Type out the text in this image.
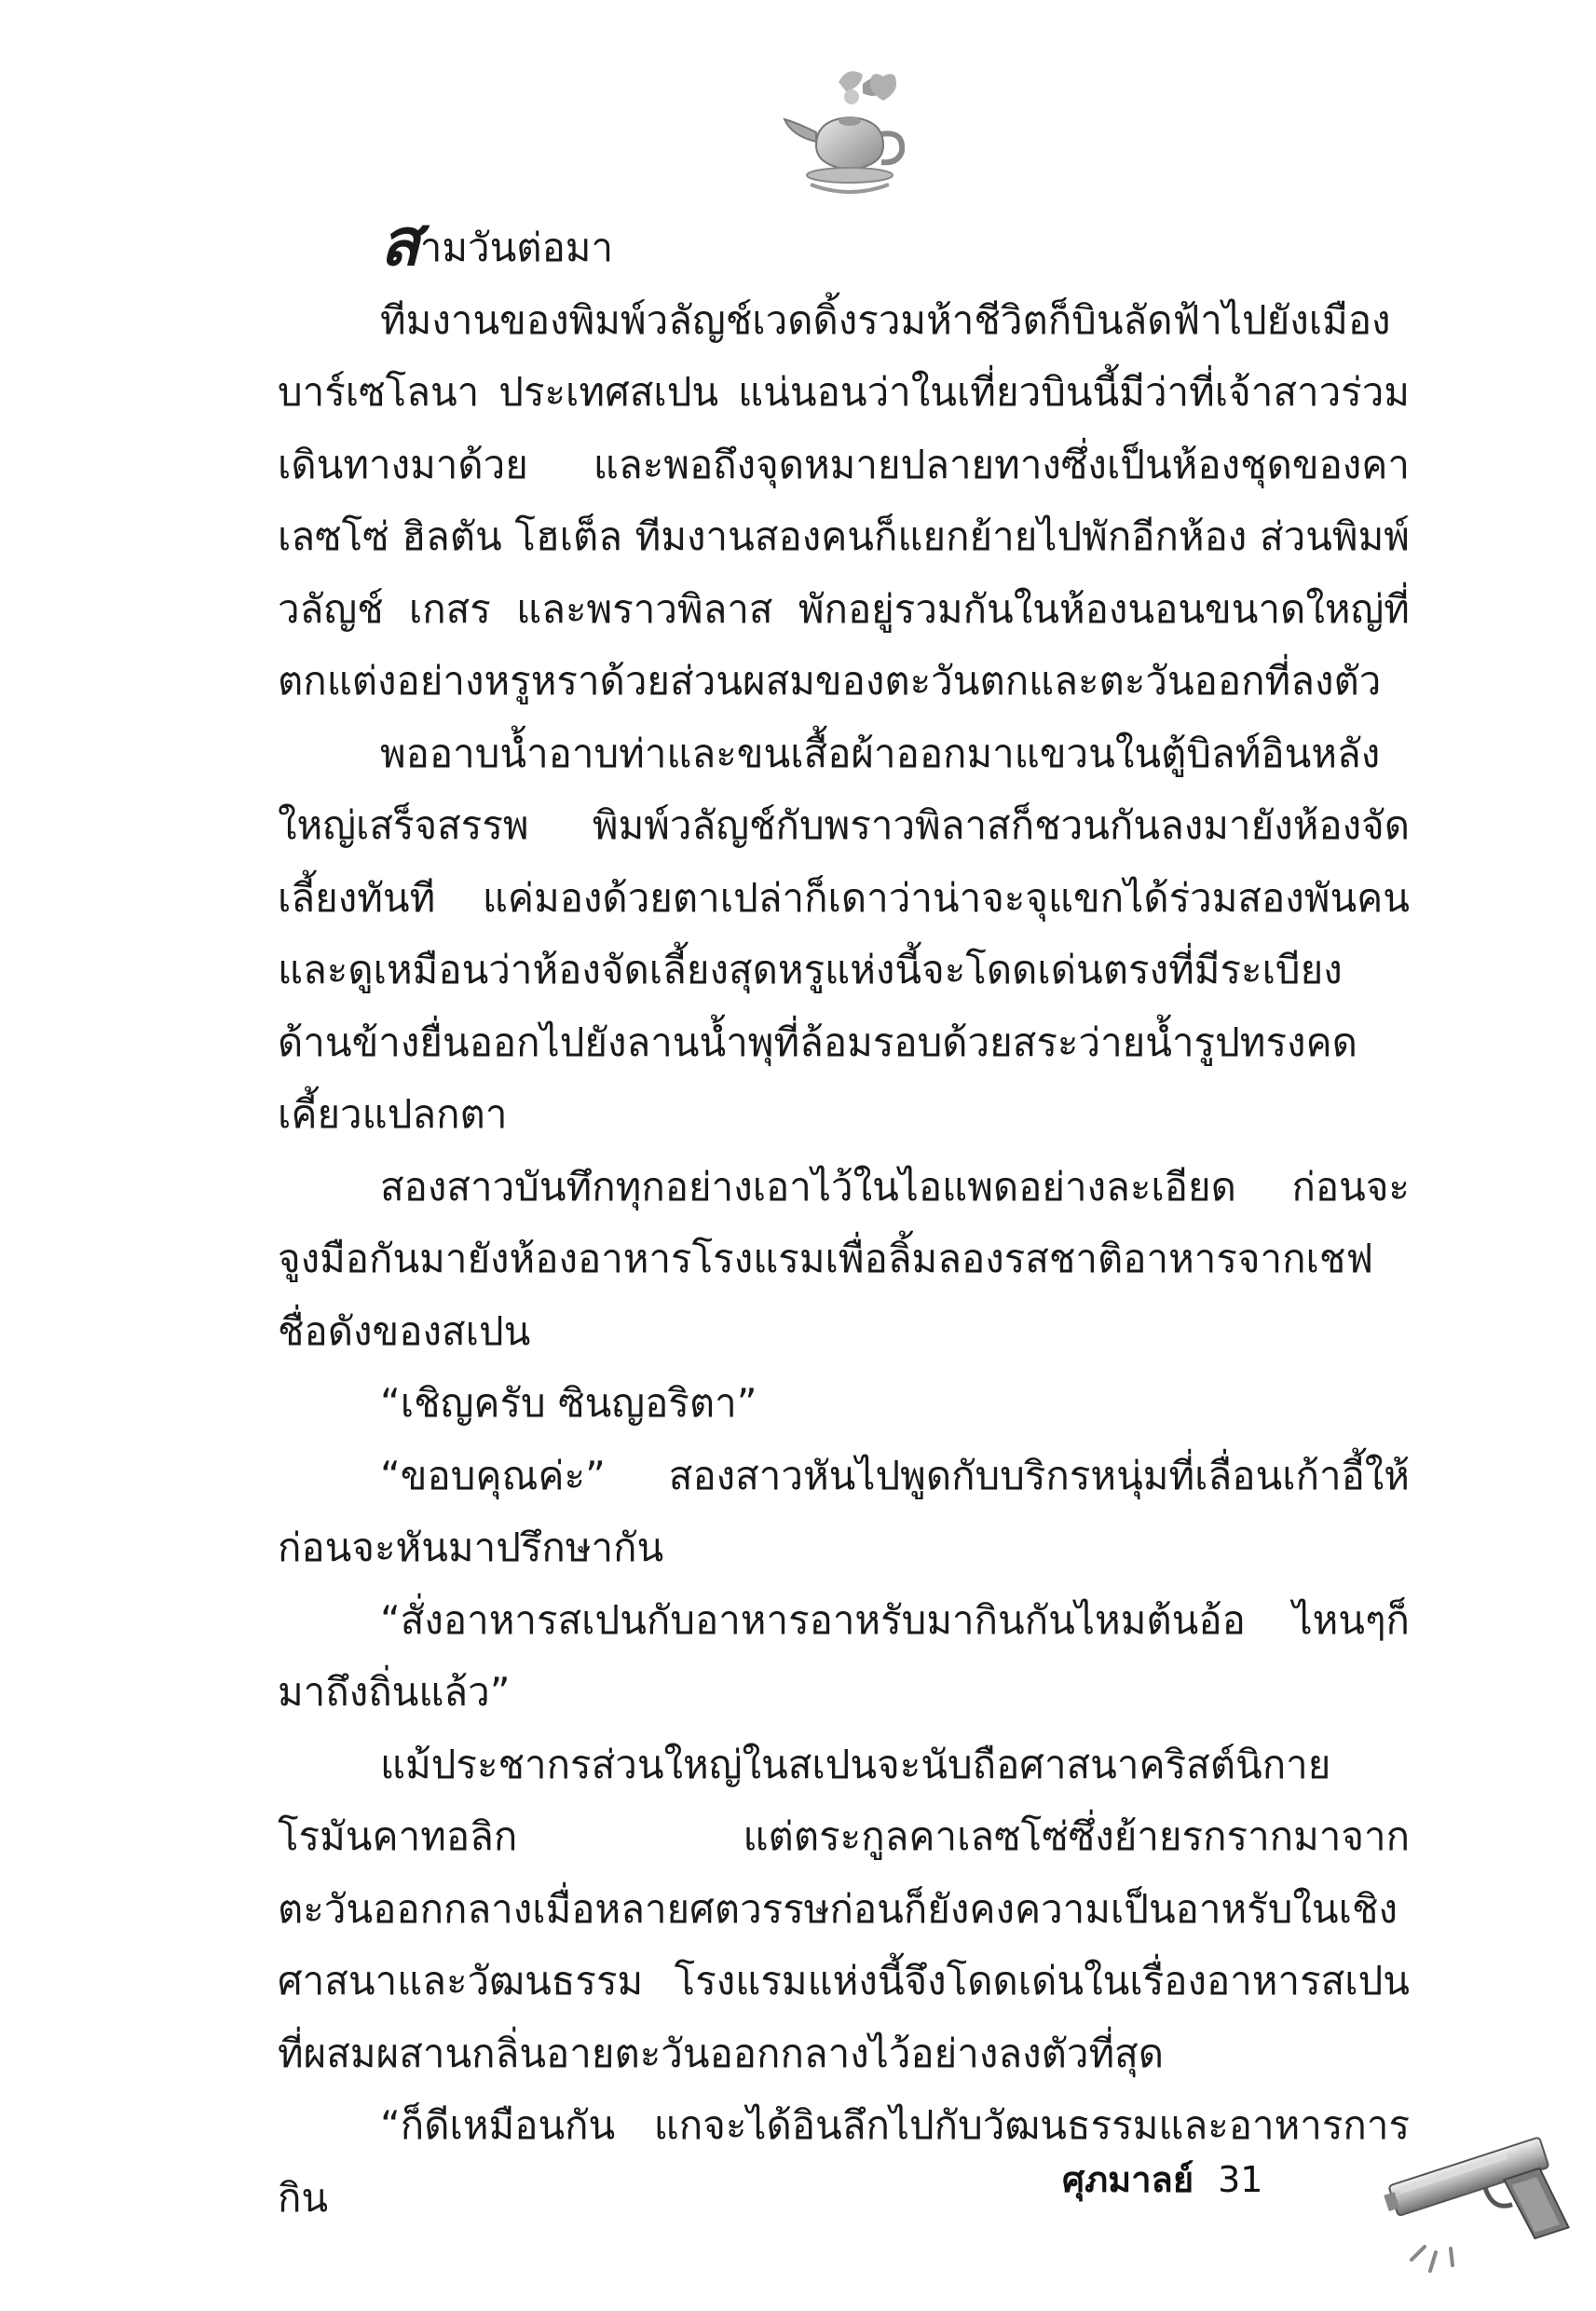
สามวันต่อมา

ทีมงานของพิมพ์วลัญช์เวดดิ้งรวมห้าชีวิตก็บินลัดฟ้าไปยังเมืองบาร์เซโลนา ประเทศสเปน แน่นอนว่าในเที่ยวบินนี้มีว่าที่เจ้าสาวร่วมเดินทางมาด้วย และพอถึงจุดหมายปลายทางซึ่งเป็นห้องชุดของคาเลซโซ่ ฮิลตัน โฮเต็ล ทีมงานสองคนก็แยกย้ายไปพักอีกห้อง ส่วนพิมพ์วลัญช์ เกสร และพราวพิลาส พักอยู่รวมกันในห้องนอนขนาดใหญ่ที่ตกแต่งอย่างหรูหราด้วยส่วนผสมของตะวันตกและตะวันออกที่ลงตัว

พออาบน้ำอาบท่าและขนเสื้อผ้าออกมาแขวนในตู้บิลท์อินหลังใหญ่เสร็จสรรพ พิมพ์วลัญช์กับพราวพิลาสก็ชวนกันลงมายังห้องจัดเลี้ยงทันที แค่มองด้วยตาเปล่าก็เดาว่าน่าจะจุแขกได้ร่วมสองพันคน และดูเหมือนว่าห้องจัดเลี้ยงสุดหรูแห่งนี้จะโดดเด่นตรงที่มีระเบียงด้านข้างยื่นออกไปยังลานน้ำพุที่ล้อมรอบด้วยสระว่ายน้ำรูปทรงคดเคี้ยวแปลกตา

สองสาวบันทึกทุกอย่างเอาไว้ในไอแพดอย่างละเอียด ก่อนจะจูงมือกันมายังห้องอาหารโรงแรมเพื่อลิ้มลองรสชาติอาหารจากเชฟชื่อดังของสเปน

“เชิญครับ ซินญอริตา”

“ขอบคุณค่ะ” สองสาวหันไปพูดกับบริกรหนุ่มที่เลื่อนเก้าอี้ให้ก่อนจะหันมาปรึกษากัน

“สั่งอาหารสเปนกับอาหารอาหรับมากินกันไหมต้นอ้อ ไหนๆก็มาถึงถิ่นแล้ว”

แม้ประชากรส่วนใหญ่ในสเปนจะนับถือศาสนาคริสต์นิกายโรมันคาทอลิก แต่ตระกูลคาเลซโซ่ซึ่งย้ายรกรากมาจากตะวันออกกลางเมื่อหลายศตวรรษก่อนก็ยังคงความเป็นอาหรับในเชิงศาสนาและวัฒนธรรม โรงแรมแห่งนี้จึงโดดเด่นในเรื่องอาหารสเปนที่ผสมผสานกลิ่นอายตะวันออกกลางไว้อย่างลงตัวที่สุด

“ก็ดีเหมือนกัน แกจะได้อินลึกไปกับวัฒนธรรมและอาหารการกิน	ศุภมาลย์ 31
